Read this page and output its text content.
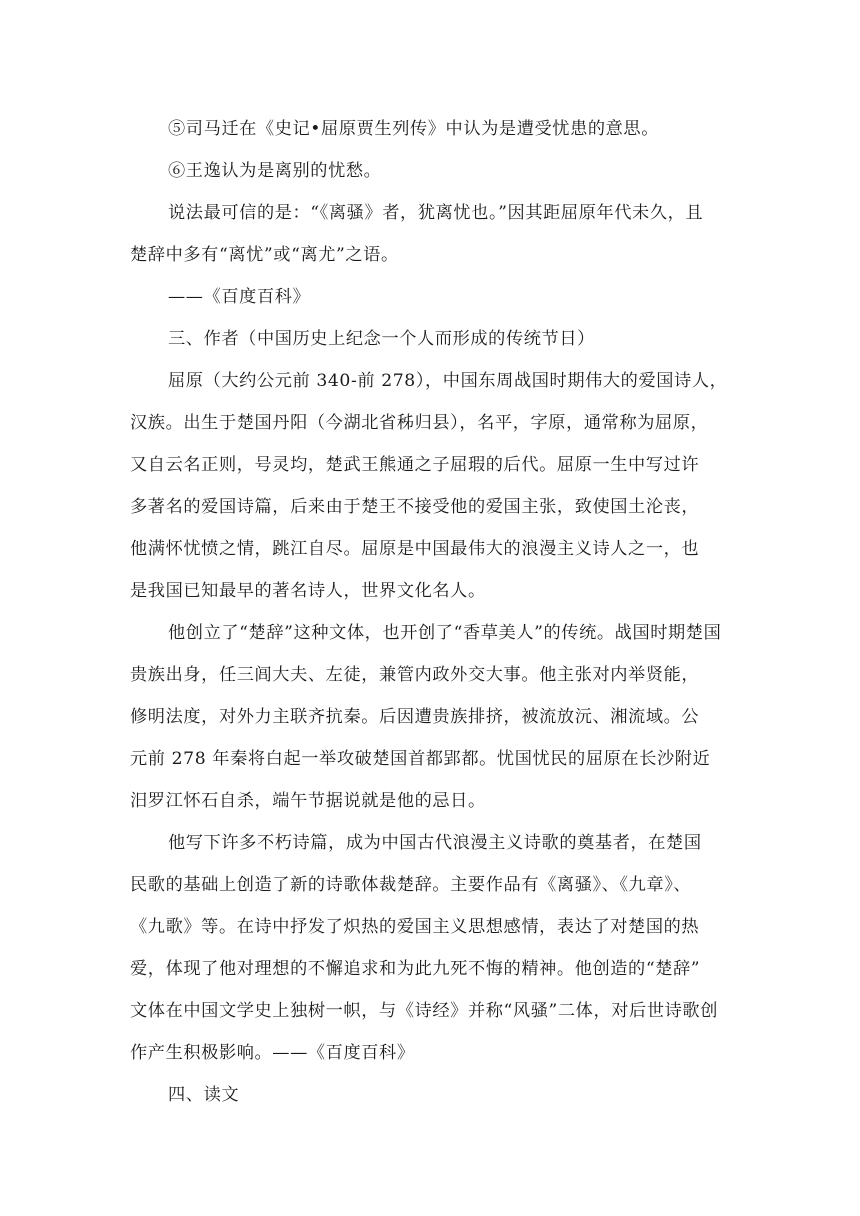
⑤司马迁在《史记•屈原贾生列传》中认为是遭受忧患的意思。
⑥王逸认为是离别的忧愁。
说法最可信的是：“《离骚》者，犹离忧也。”因其距屈原年代未久，且
楚辞中多有“离忧”或“离尤”之语。
——《百度百科》
三、作者（中国历史上纪念一个人而形成的传统节日）
屈原（大约公元前 340-前 278），中国东周战国时期伟大的爱国诗人，
汉族。出生于楚国丹阳（今湖北省秭归县），名平，字原，通常称为屈原，
又自云名正则，号灵均，楚武王熊通之子屈瑕的后代。屈原一生中写过许
多著名的爱国诗篇，后来由于楚王不接受他的爱国主张，致使国土沦丧，
他满怀忧愤之情，跳江自尽。屈原是中国最伟大的浪漫主义诗人之一，也
是我国已知最早的著名诗人，世界文化名人。
他创立了“楚辞”这种文体，也开创了“香草美人”的传统。战国时期楚国
贵族出身，任三闾大夫、左徒，兼管内政外交大事。他主张对内举贤能，
修明法度，对外力主联齐抗秦。后因遭贵族排挤，被流放沅、湘流域。公
元前 278 年秦将白起一举攻破楚国首都郢都。忧国忧民的屈原在长沙附近
汨罗江怀石自杀，端午节据说就是他的忌日。
他写下许多不朽诗篇，成为中国古代浪漫主义诗歌的奠基者，在楚国
民歌的基础上创造了新的诗歌体裁楚辞。主要作品有《离骚》、《九章》、
《九歌》等。在诗中抒发了炽热的爱国主义思想感情，表达了对楚国的热
爱，体现了他对理想的不懈追求和为此九死不悔的精神。他创造的“楚辞”
文体在中国文学史上独树一帜，与《诗经》并称“风骚”二体，对后世诗歌创
作产生积极影响。——《百度百科》
四、读文
